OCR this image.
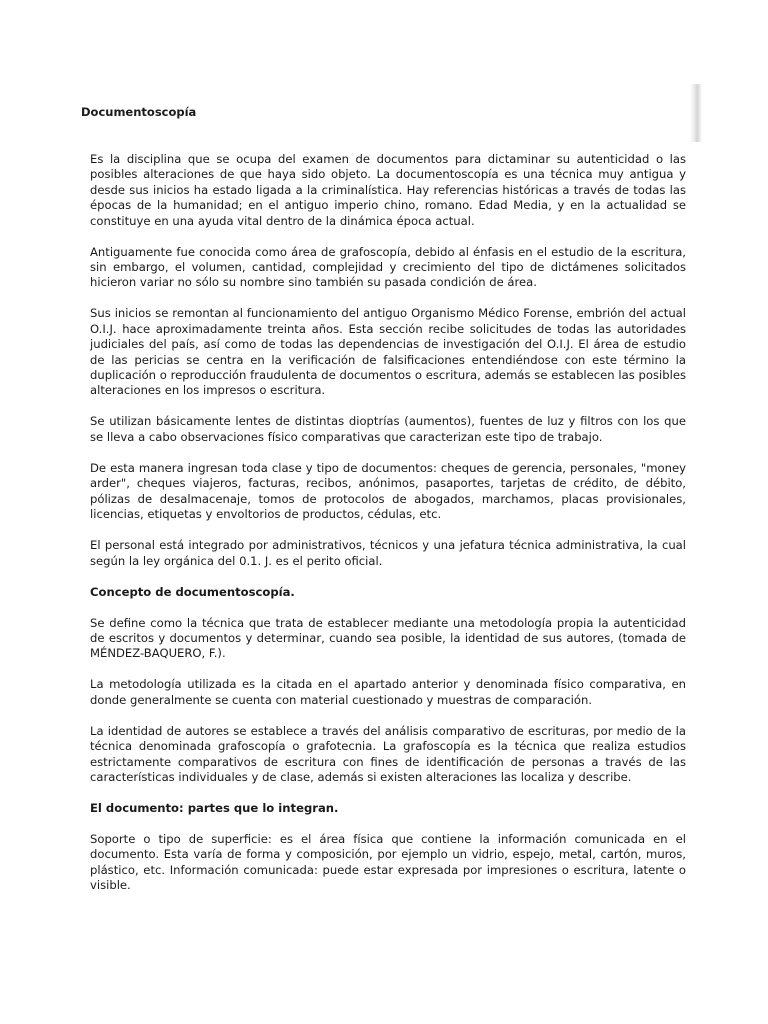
Documentoscopía

Es la disciplina que se ocupa del examen de documentos para dictaminar su autenticidad o las posibles alteraciones de que haya sido objeto. La documentoscopía es una técnica muy antigua y desde sus inicios ha estado ligada a la criminalística. Hay referencias históricas a través de todas las épocas de la humanidad; en el antiguo imperio chino, romano. Edad Media, y en la actualidad se constituye en una ayuda vital dentro de la dinámica época actual.

Antiguamente fue conocida como área de grafoscopía, debido al énfasis en el estudio de la escritura, sin embargo, el volumen, cantidad, complejidad y crecimiento del tipo de dictámenes solicitados hicieron variar no sólo su nombre sino también su pasada condición de área.

Sus inicios se remontan al funcionamiento del antiguo Organismo Médico Forense, embrión del actual O.I.J. hace aproximadamente treinta años. Esta sección recibe solicitudes de todas las autoridades judiciales del país, así como de todas las dependencias de investigación del O.I.J. El área de estudio de las pericias se centra en la verificación de falsificaciones entendiéndose con este término la duplicación o reproducción fraudulenta de documentos o escritura, además se establecen las posibles alteraciones en los impresos o escritura.

Se utilizan básicamente lentes de distintas dioptrías (aumentos), fuentes de luz y filtros con los que se lleva a cabo observaciones físico comparativas que caracterizan este tipo de trabajo.

De esta manera ingresan toda clase y tipo de documentos: cheques de gerencia, personales, "money arder", cheques viajeros, facturas, recibos, anónimos, pasaportes, tarjetas de crédito, de débito, pólizas de desalmacenaje, tomos de protocolos de abogados, marchamos, placas provisionales, licencias, etiquetas y envoltorios de productos, cédulas, etc.

El personal está integrado por administrativos, técnicos y una jefatura técnica administrativa, la cual según la ley orgánica del 0.1. J. es el perito oficial.

Concepto de documentoscopía.

Se define como la técnica que trata de establecer mediante una metodología propia la autenticidad de escritos y documentos y determinar, cuando sea posible, la identidad de sus autores, (tomada de MÉNDEZ-BAQUERO, F.).

La metodología utilizada es la citada en el apartado anterior y denominada físico comparativa, en donde generalmente se cuenta con material cuestionado y muestras de comparación.

La identidad de autores se establece a través del análisis comparativo de escrituras, por medio de la técnica denominada grafoscopía o grafotecnia. La grafoscopía es la técnica que realiza estudios estrictamente comparativos de escritura con fines de identificación de personas a través de las características individuales y de clase, además si existen alteraciones las localiza y describe.

El documento: partes que lo integran.

Soporte o tipo de superficie: es el área física que contiene la información comunicada en el documento. Esta varía de forma y composición, por ejemplo un vidrio, espejo, metal, cartón, muros, plástico, etc. Información comunicada: puede estar expresada por impresiones o escritura, latente o visible.
